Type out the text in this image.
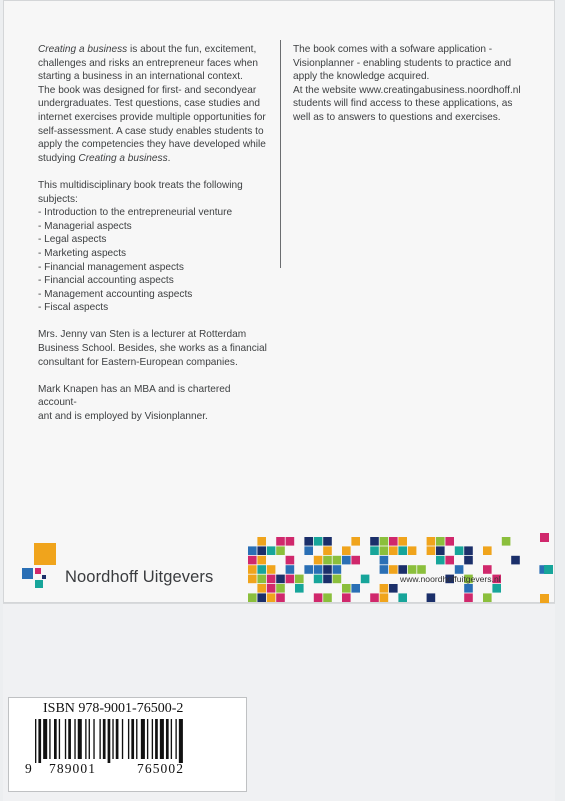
Creating a business is about the fun, excitement,

challenges and risks an entrepreneur faces when

starting a business in an international context.

The book was designed for first- and secondyear

undergraduates. Test questions, case studies and

internet exercises provide multiple opportunities for

self-assessment. A case study enables students to

apply the competencies they have developed while

studying Creating a business.

This multidisciplinary book treats the following

subjects:

- Introduction to the entrepreneurial venture
- Managerial aspects
- Legal aspects
- Marketing aspects
- Financial management aspects
- Financial accounting aspects
- Management accounting aspects
- Fiscal aspects

Mrs. Jenny van Sten is a lecturer at Rotterdam

Business School. Besides, she works as a financial

consultant for Eastern-European companies.

Mark Knapen has an MBA and is chartered account-

ant and is employed by Visionplanner.

The book comes with a sofware application -

Visionplanner - enabling students to practice and

apply the knowledge acquired.

At the website www.creatingabusiness.noordhoff.nl

students will find access to these applications, as

well as to answers to questions and exercises.

Noordhoff Uitgevers	www.noordhoffuitgevers.nl
ISBN 978-9001-76500-2
9 789001	765002
